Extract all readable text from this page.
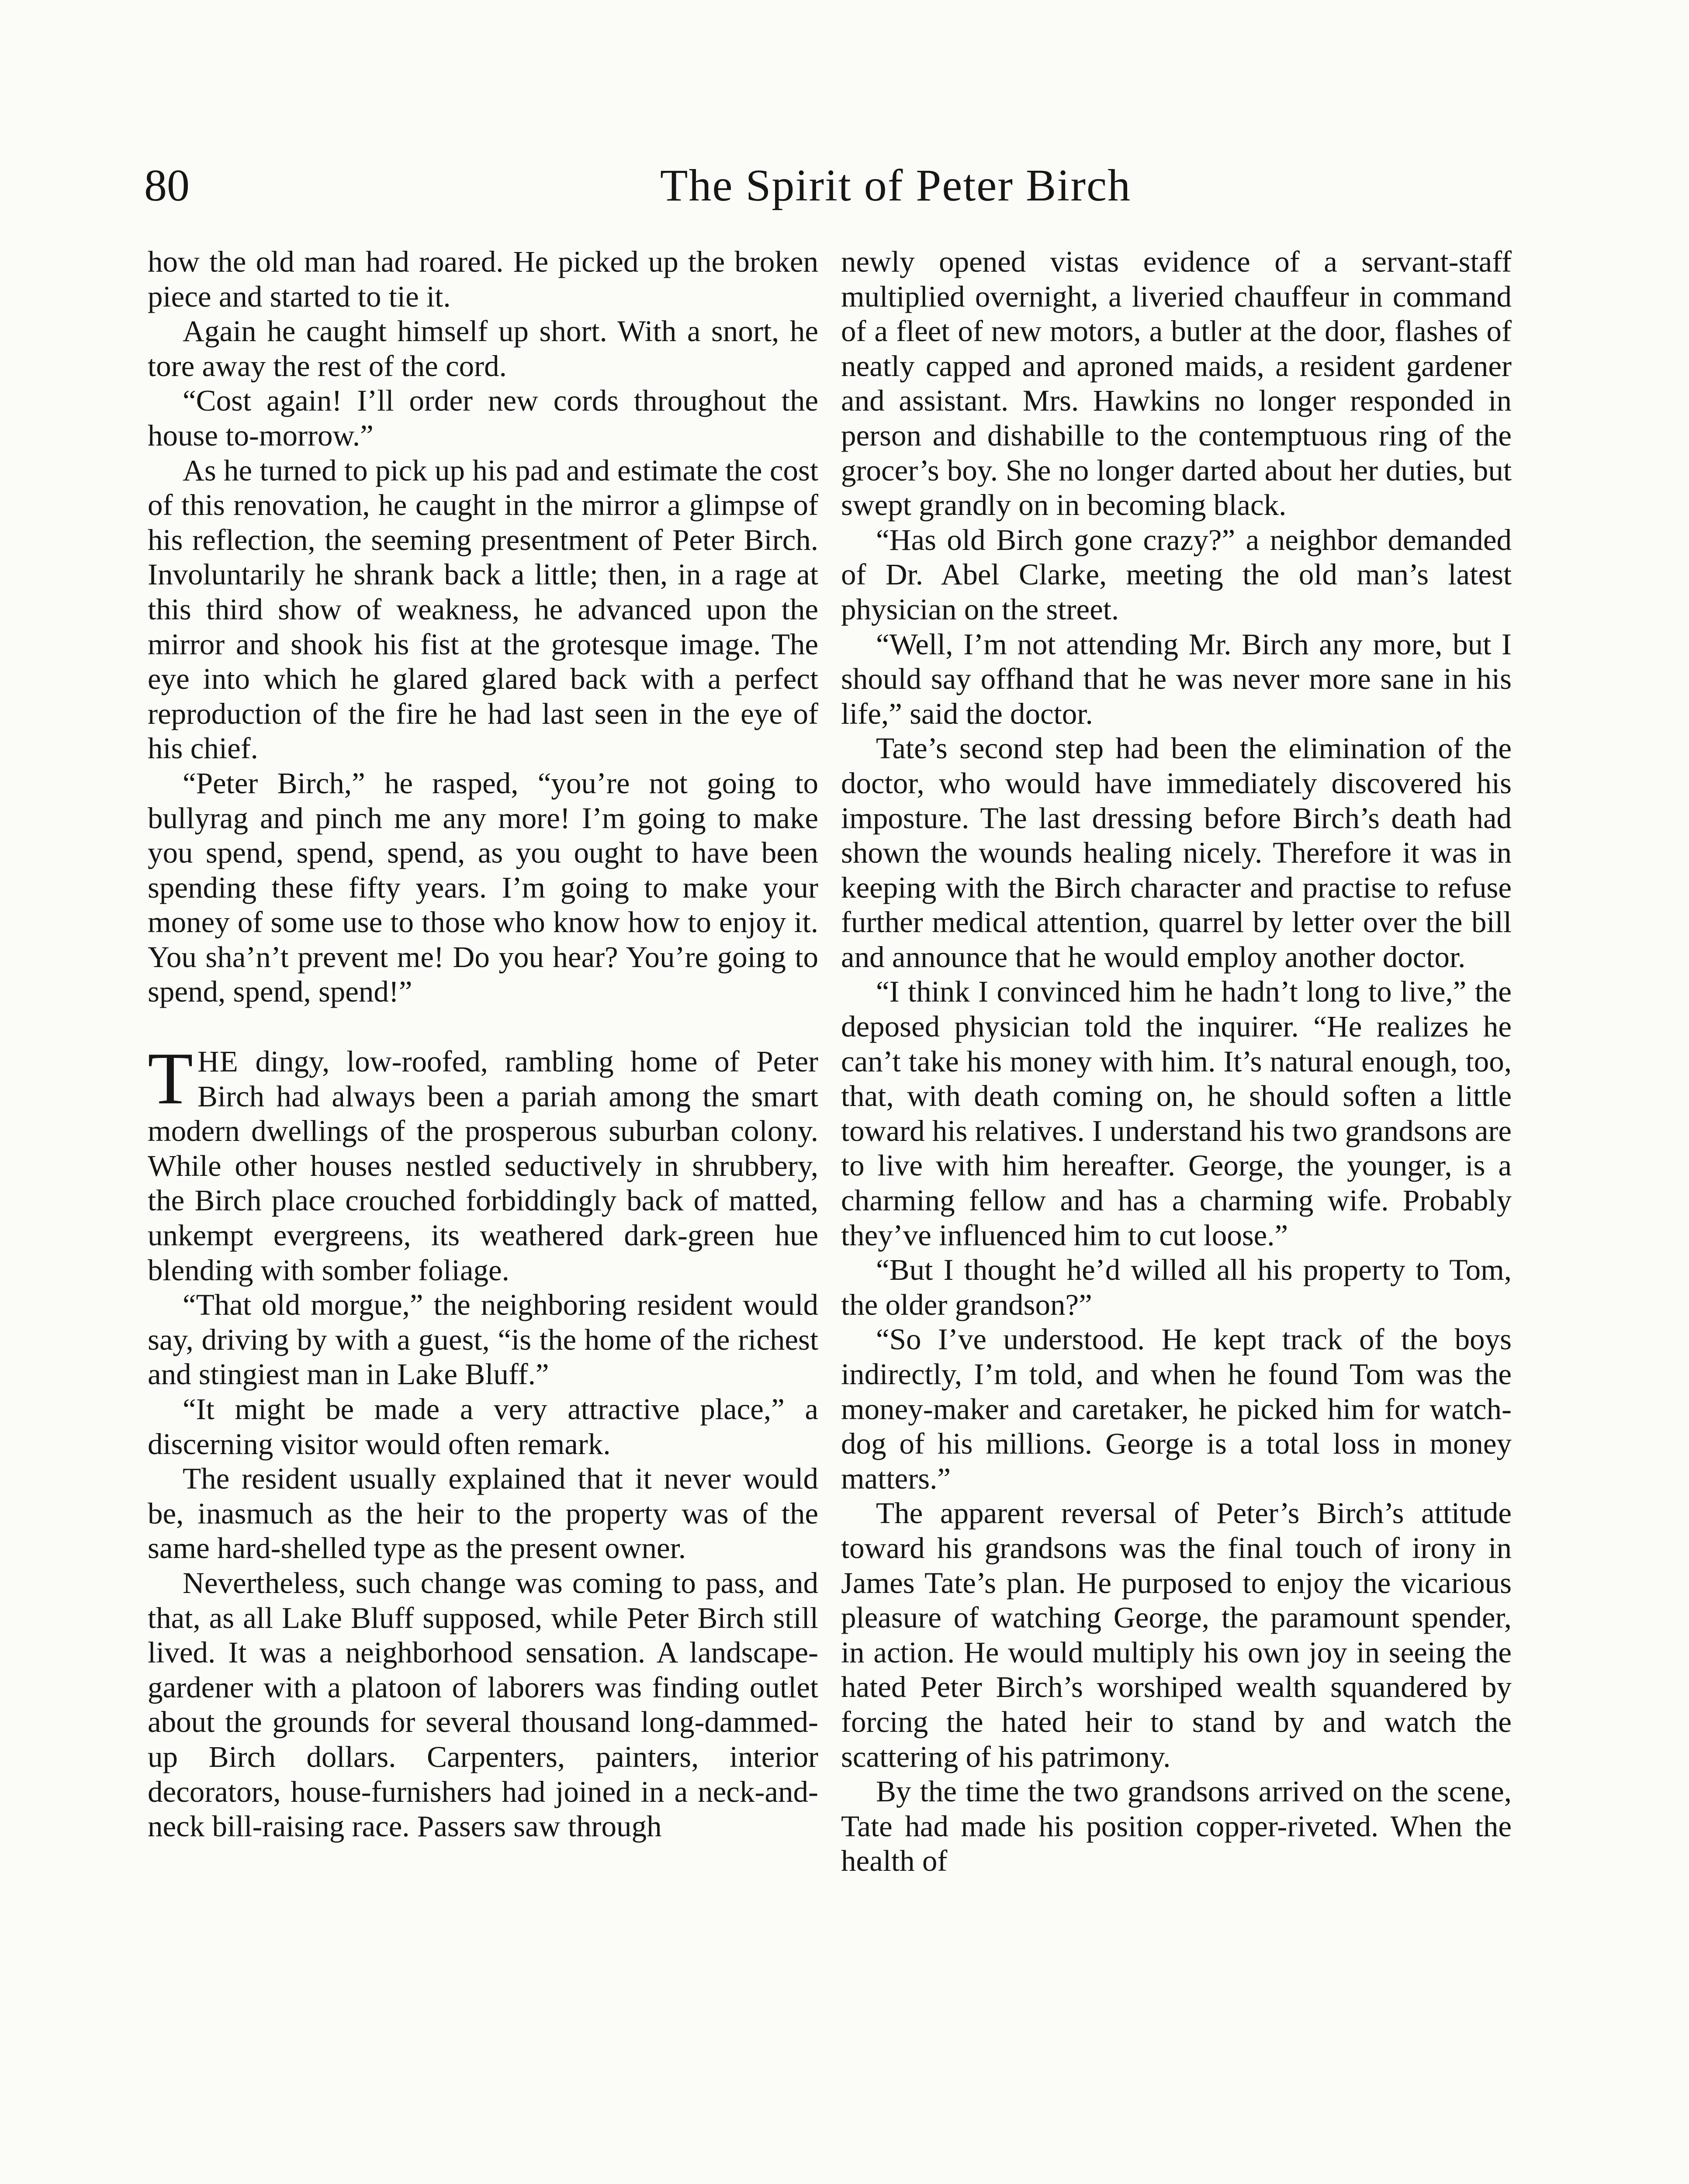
80	The Spirit of Peter Birch

how the old man had roared. He picked up the broken piece and started to tie it.

Again he caught himself up short. With a snort, he tore away the rest of the cord.

“Cost again! I’ll order new cords throughout the house to-morrow.”

As he turned to pick up his pad and estimate the cost of this renovation, he caught in the mirror a glimpse of his reflection, the seeming presentment of Peter Birch. Involuntarily he shrank back a little; then, in a rage at this third show of weakness, he advanced upon the mirror and shook his fist at the grotesque image. The eye into which he glared glared back with a perfect reproduction of the fire he had last seen in the eye of his chief.

“Peter Birch,” he rasped, “you’re not going to bullyrag and pinch me any more! I’m going to make you spend, spend, spend, as you ought to have been spending these fifty years. I’m going to make your money of some use to those who know how to enjoy it. You sha’n’t prevent me! Do you hear? You’re going to spend, spend, spend!”

THE dingy, low-roofed, rambling home of Peter Birch had always been a pariah among the smart modern dwellings of the prosperous suburban colony. While other houses nestled seductively in shrubbery, the Birch place crouched forbiddingly back of matted, unkempt evergreens, its weathered dark-green hue blending with somber foliage.

“That old morgue,” the neighboring resident would say, driving by with a guest, “is the home of the richest and stingiest man in Lake Bluff.”

“It might be made a very attractive place,” a discerning visitor would often remark.

The resident usually explained that it never would be, inasmuch as the heir to the property was of the same hard-shelled type as the present owner.

Nevertheless, such change was coming to pass, and that, as all Lake Bluff supposed, while Peter Birch still lived. It was a neighborhood sensation. A landscape-gardener with a platoon of laborers was finding outlet about the grounds for several thousand long-dammed-up Birch dollars. Carpenters, painters, interior decorators, house-furnishers had joined in a neck-and-neck bill-raising race. Passers saw through

newly opened vistas evidence of a servant-staff multiplied overnight, a liveried chauffeur in command of a fleet of new motors, a butler at the door, flashes of neatly capped and aproned maids, a resident gardener and assistant. Mrs. Hawkins no longer responded in person and dishabille to the contemptuous ring of the grocer’s boy. She no longer darted about her duties, but swept grandly on in becoming black.

“Has old Birch gone crazy?” a neighbor demanded of Dr. Abel Clarke, meeting the old man’s latest physician on the street.

“Well, I’m not attending Mr. Birch any more, but I should say offhand that he was never more sane in his life,” said the doctor.

Tate’s second step had been the elimination of the doctor, who would have immediately discovered his imposture. The last dressing before Birch’s death had shown the wounds healing nicely. Therefore it was in keeping with the Birch character and practise to refuse further medical attention, quarrel by letter over the bill and announce that he would employ another doctor.

“I think I convinced him he hadn’t long to live,” the deposed physician told the inquirer. “He realizes he can’t take his money with him. It’s natural enough, too, that, with death coming on, he should soften a little toward his relatives. I understand his two grandsons are to live with him hereafter. George, the younger, is a charming fellow and has a charming wife. Probably they’ve influenced him to cut loose.”

“But I thought he’d willed all his property to Tom, the older grandson?”

“So I’ve understood. He kept track of the boys indirectly, I’m told, and when he found Tom was the money-maker and caretaker, he picked him for watch-dog of his millions. George is a total loss in money matters.”

The apparent reversal of Peter’s Birch’s attitude toward his grandsons was the final touch of irony in James Tate’s plan. He purposed to enjoy the vicarious pleasure of watching George, the paramount spender, in action. He would multiply his own joy in seeing the hated Peter Birch’s worshiped wealth squandered by forcing the hated heir to stand by and watch the scattering of his patrimony.

By the time the two grandsons arrived on the scene, Tate had made his position copper-riveted. When the health of
